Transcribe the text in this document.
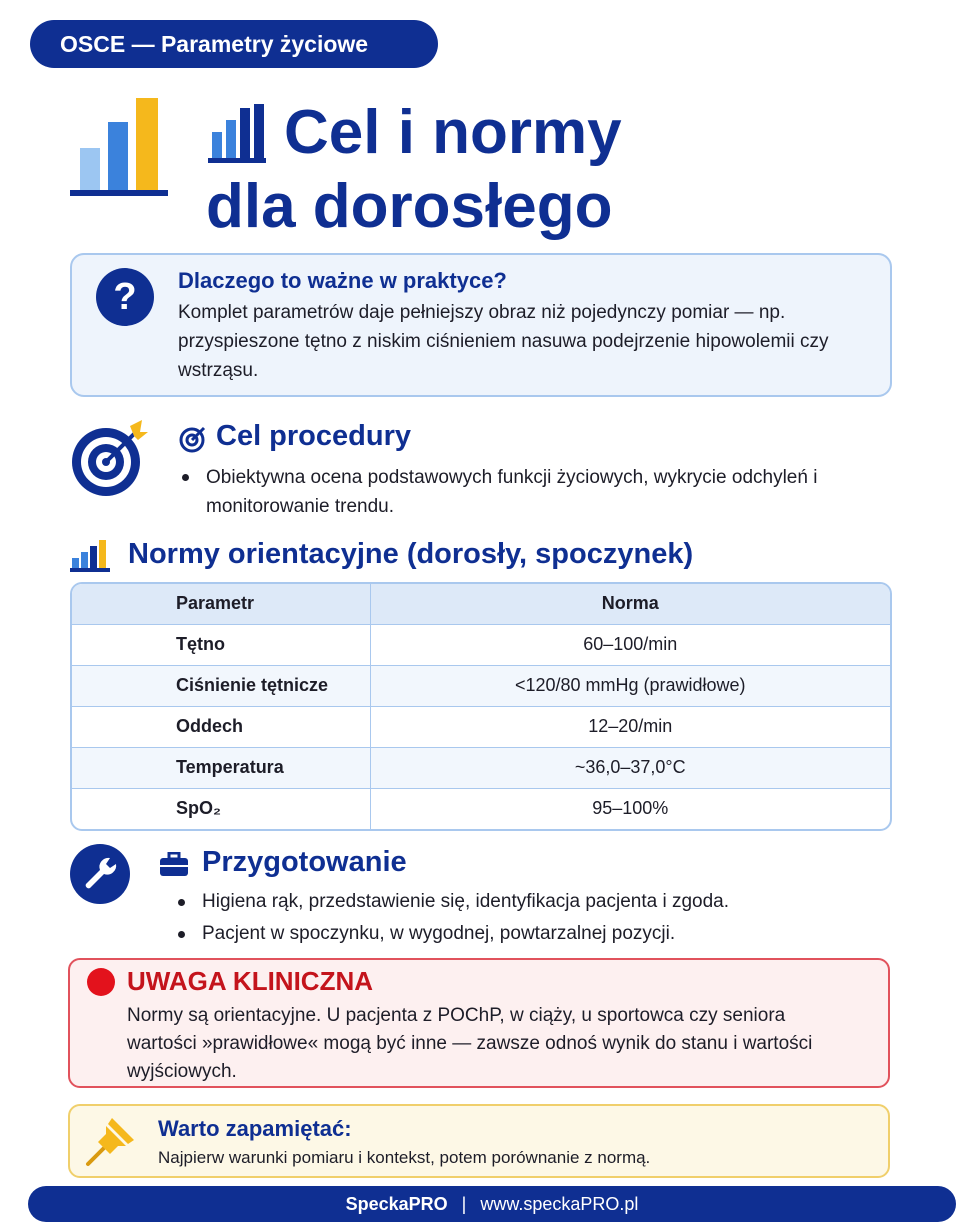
OSCE — Parametry życiowe
Cel i normy
dla dorosłego
?	Dlaczego to ważne w praktyce?
Komplet parametrów daje pełniejszy obraz niż pojedynczy pomiar — np. przyspieszone tętno z niskim ciśnieniem nasuwa podejrzenie hipowolemii czy wstrząsu.
Cel procedury
Obiektywna ocena podstawowych funkcji życiowych, wykrycie odchyleń i monitorowanie trendu.
Normy orientacyjne (dorosły, spoczynek)
Parametr	Norma
Tętno	60–100/min
Ciśnienie tętnicze	<120/80 mmHg (prawidłowe)
Oddech	12–20/min
Temperatura	~36,0–37,0°C
SpO₂	95–100%
Przygotowanie
Higiena rąk, przedstawienie się, identyfikacja pacjenta i zgoda.
Pacjent w spoczynku, w wygodnej, powtarzalnej pozycji.
UWAGA KLINICZNA
Normy są orientacyjne. U pacjenta z POChP, w ciąży, u sportowca czy seniora wartości »prawidłowe« mogą być inne — zawsze odnoś wynik do stanu i wartości wyjściowych.
Warto zapamiętać:
Najpierw warunki pomiaru i kontekst, potem porównanie z normą.
SpeckaPRO | www.speckaPRO.pl
